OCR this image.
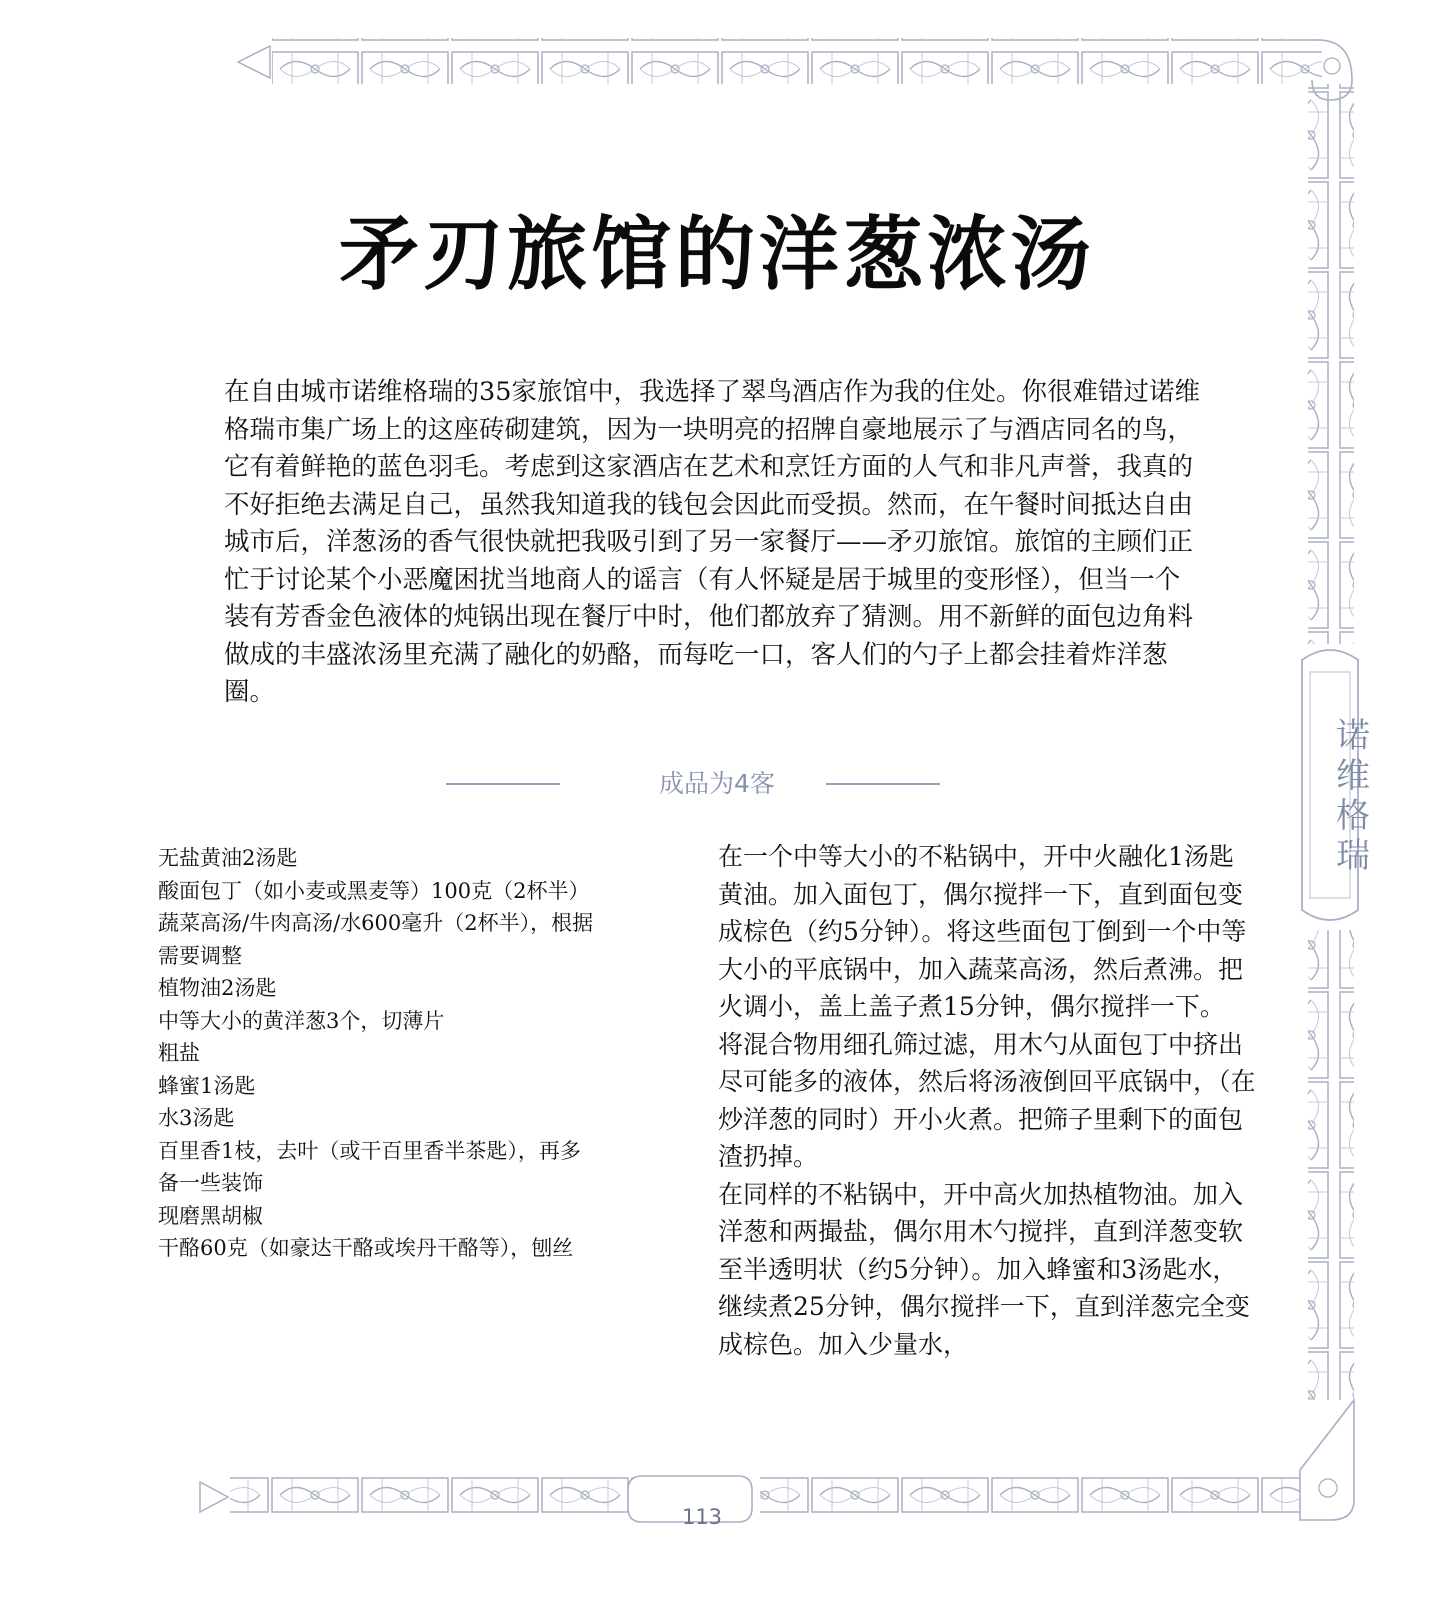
矛刃旅馆的洋葱浓汤

在自由城市诺维格瑞的35家旅馆中，我选择了翠鸟酒店作为我的住处。你很难错过诺维格瑞市集广场上的这座砖砌建筑，因为一块明亮的招牌自豪地展示了与酒店同名的鸟，它有着鲜艳的蓝色羽毛。考虑到这家酒店在艺术和烹饪方面的人气和非凡声誉，我真的不好拒绝去满足自己，虽然我知道我的钱包会因此而受损。然而，在午餐时间抵达自由城市后，洋葱汤的香气很快就把我吸引到了另一家餐厅——矛刃旅馆。旅馆的主顾们正忙于讨论某个小恶魔困扰当地商人的谣言（有人怀疑是居于城里的变形怪），但当一个装有芳香金色液体的炖锅出现在餐厅中时，他们都放弃了猜测。用不新鲜的面包边角料做成的丰盛浓汤里充满了融化的奶酪，而每吃一口，客人们的勺子上都会挂着炸洋葱圈。

成品为4客
无盐黄油2汤匙
酸面包丁（如小麦或黑麦等）100克（2杯半）
蔬菜高汤/牛肉高汤/水600毫升（2杯半），根据需要调整
植物油2汤匙
中等大小的黄洋葱3个，切薄片
粗盐
蜂蜜1汤匙
水3汤匙
百里香1枝，去叶（或干百里香半茶匙），再多备一些装饰
现磨黑胡椒
干酪60克（如豪达干酪或埃丹干酪等），刨丝

在一个中等大小的不粘锅中，开中火融化1汤匙黄油。加入面包丁，偶尔搅拌一下，直到面包变成棕色（约5分钟）。将这些面包丁倒到一个中等大小的平底锅中，加入蔬菜高汤，然后煮沸。把火调小，盖上盖子煮15分钟，偶尔搅拌一下。

将混合物用细孔筛过滤，用木勺从面包丁中挤出尽可能多的液体，然后将汤液倒回平底锅中，（在炒洋葱的同时）开小火煮。把筛子里剩下的面包渣扔掉。

在同样的不粘锅中，开中高火加热植物油。加入洋葱和两撮盐，偶尔用木勺搅拌，直到洋葱变软至半透明状（约5分钟）。加入蜂蜜和3汤匙水，继续煮25分钟，偶尔搅拌一下，直到洋葱完全变成棕色。加入少量水，

诺维格瑞
113
